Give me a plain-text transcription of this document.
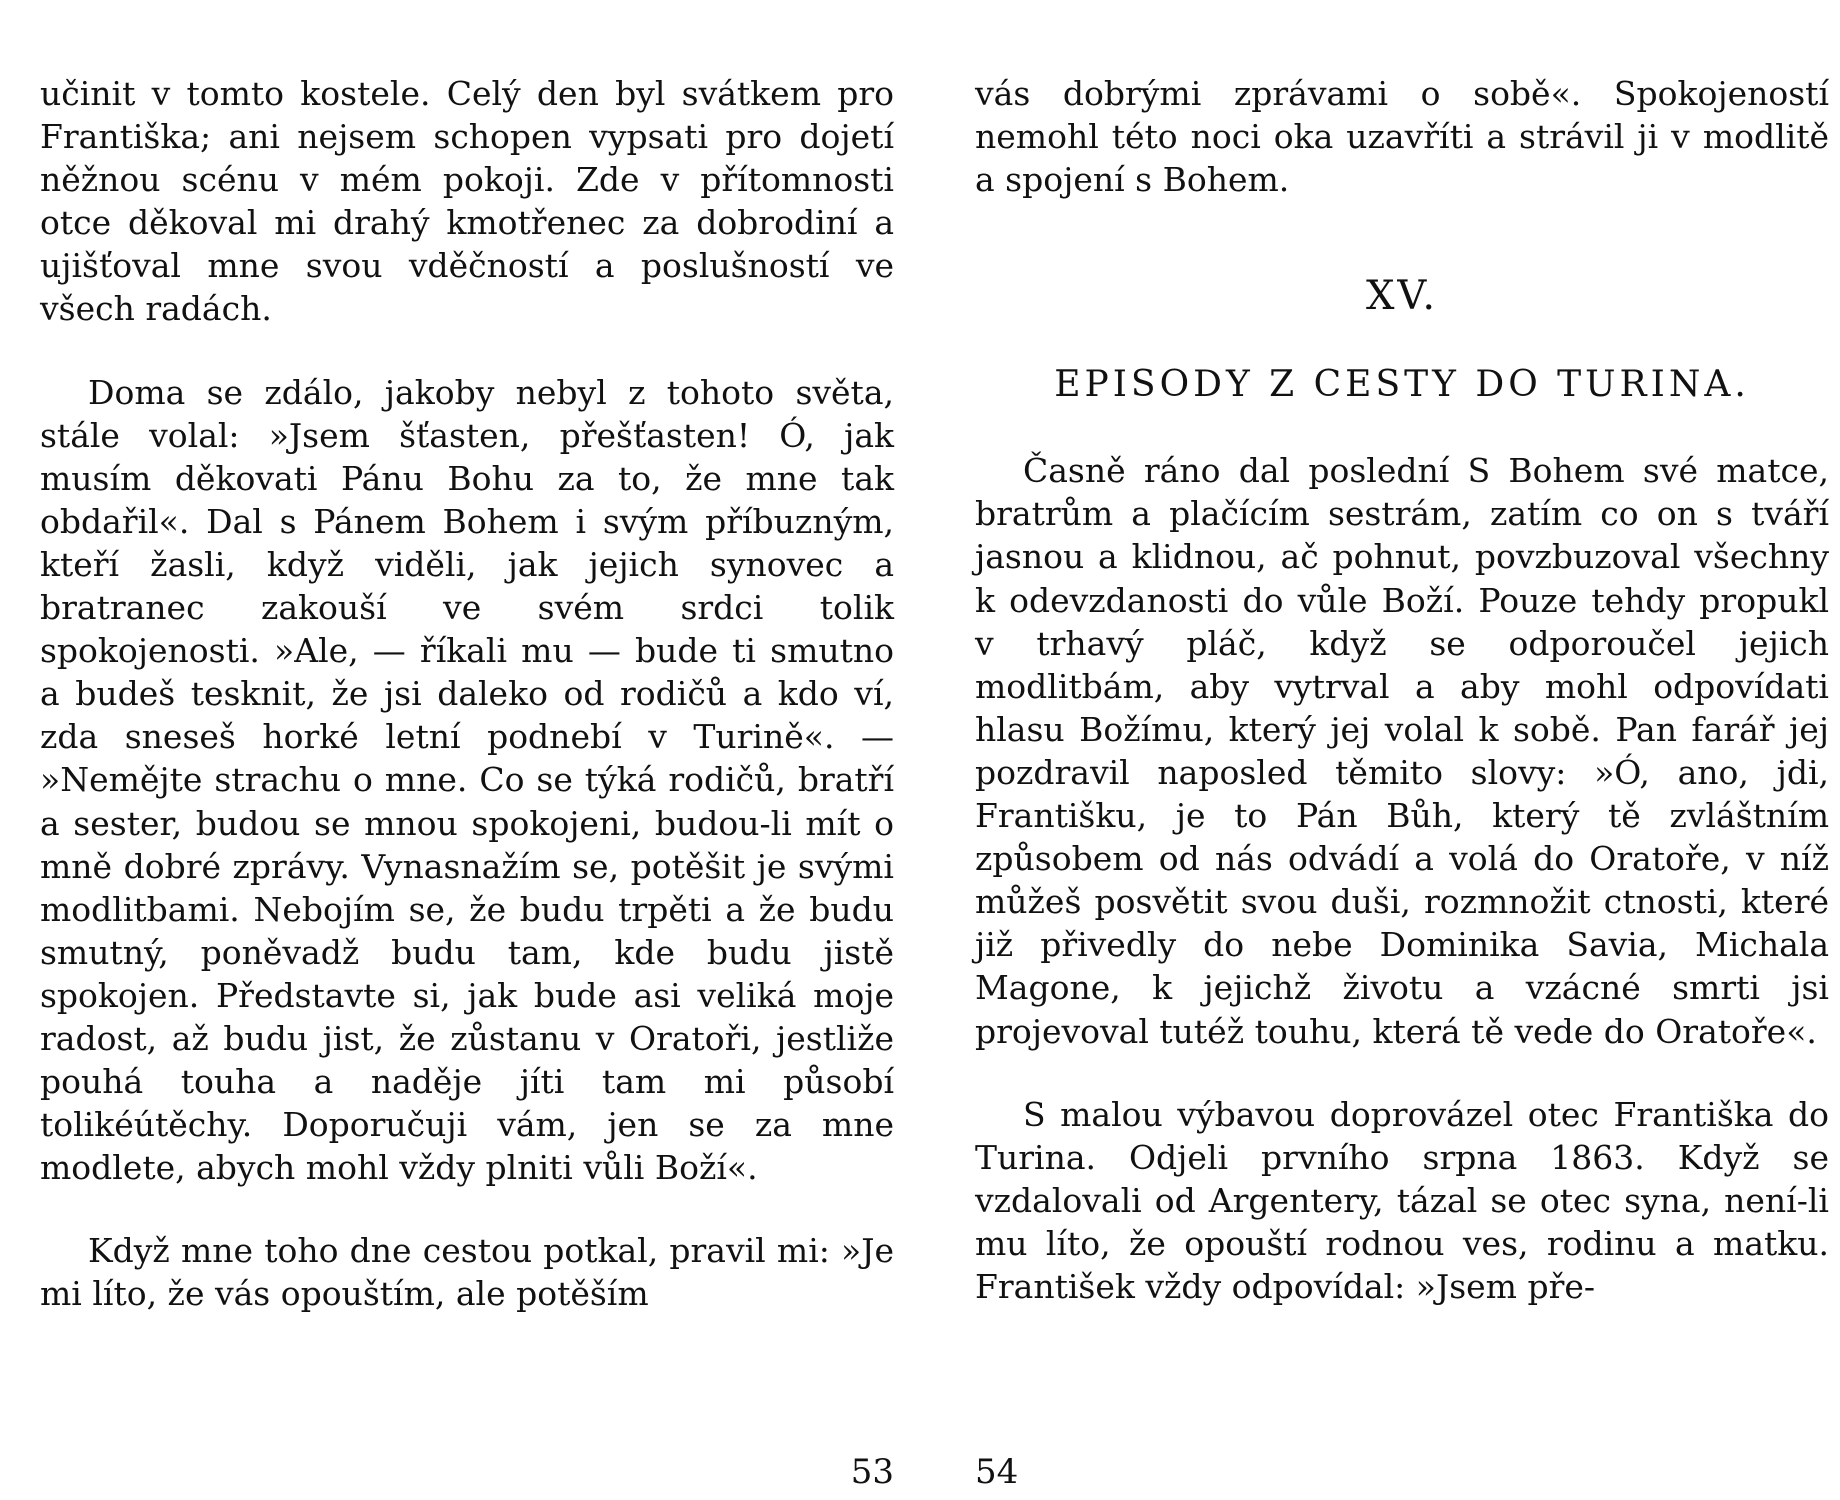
učinit v tomto kostele. Celý den byl svátkem pro Františka; ani nejsem schopen vypsati pro dojetí něžnou scénu v mém pokoji. Zde v přítomnosti otce děkoval mi drahý kmotřenec za dobrodiní a ujišťoval mne svou vděčností a poslušností ve všech radách.

Doma se zdálo, jakoby nebyl z tohoto světa, stále volal: »Jsem šťasten, přešťasten! Ó, jak musím děkovati Pánu Bohu za to, že mne tak obdařil«. Dal s Pánem Bohem i svým příbuzným, kteří žasli, když viděli, jak jejich synovec a bratranec zakouší ve svém srdci tolik spokojenosti. »Ale, — říkali mu — bude ti smutno a budeš tesknit, že jsi daleko od rodičů a kdo ví, zda sneseš horké letní podnebí v Turině«. — »Nemějte strachu o mne. Co se týká rodičů, bratří a sester, budou se mnou spokojeni, budou-li mít o mně dobré zprávy. Vynasnažím se, potěšit je svými modlitbami. Nebojím se, že budu trpěti a že budu smutný, poněvadž budu tam, kde budu jistě spokojen. Představte si, jak bude asi veliká moje radost, až budu jist, že zůstanu v Oratoři, jestliže pouhá touha a naděje jíti tam mi působí tolikéútěchy. Doporučuji vám, jen se za mne modlete, abych mohl vždy plniti vůli Boží«.

Když mne toho dne cestou potkal, pravil mi: »Je mi líto, že vás opouštím, ale potěším

53

vás dobrými zprávami o sobě«. Spokojeností nemohl této noci oka uzavříti a strávil ji v modlitě a spojení s Bohem.

XV.
EPISODY Z CESTY DO TURINA.

Časně ráno dal poslední S Bohem své matce, bratrům a plačícím sestrám, zatím co on s tváří jasnou a klidnou, ač pohnut, povzbuzoval všechny k odevzdanosti do vůle Boží. Pouze tehdy propukl v trhavý pláč, když se odporoučel jejich modlitbám, aby vytrval a aby mohl odpovídati hlasu Božímu, který jej volal k sobě. Pan farář jej pozdravil naposled těmito slovy: »Ó, ano, jdi, Františku, je to Pán Bůh, který tě zvláštním způsobem od nás odvádí a volá do Oratoře, v níž můžeš posvětit svou duši, rozmnožit ctnosti, které již přivedly do nebe Dominika Savia, Michala Magone, k jejichž životu a vzácné smrti jsi projevoval tutéž touhu, která tě vede do Oratoře«.

S malou výbavou doprovázel otec Františka do Turina. Odjeli prvního srpna 1863. Když se vzdalovali od Argentery, tázal se otec syna, není-li mu líto, že opouští rodnou ves, rodinu a matku. František vždy odpovídal: »Jsem pře-

54
